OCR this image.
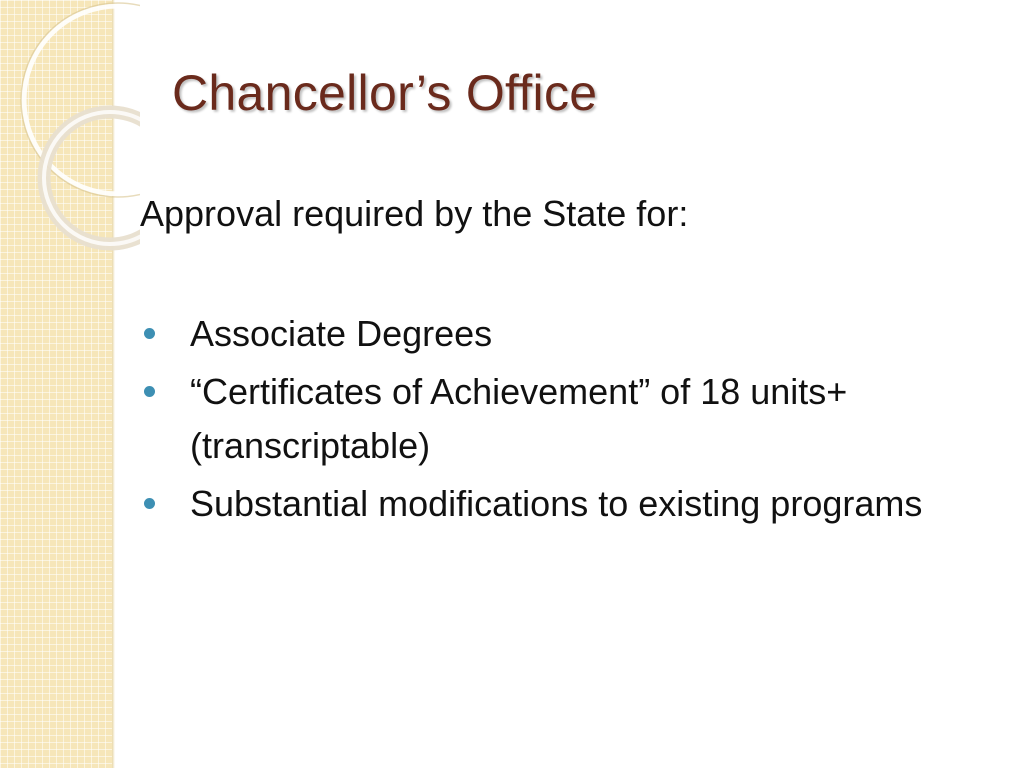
Chancellor’s Office

Approval required by the State for:

Associate Degrees
“Certificates of Achievement” of 18 units+ (transcriptable)
Substantial modifications to existing programs
